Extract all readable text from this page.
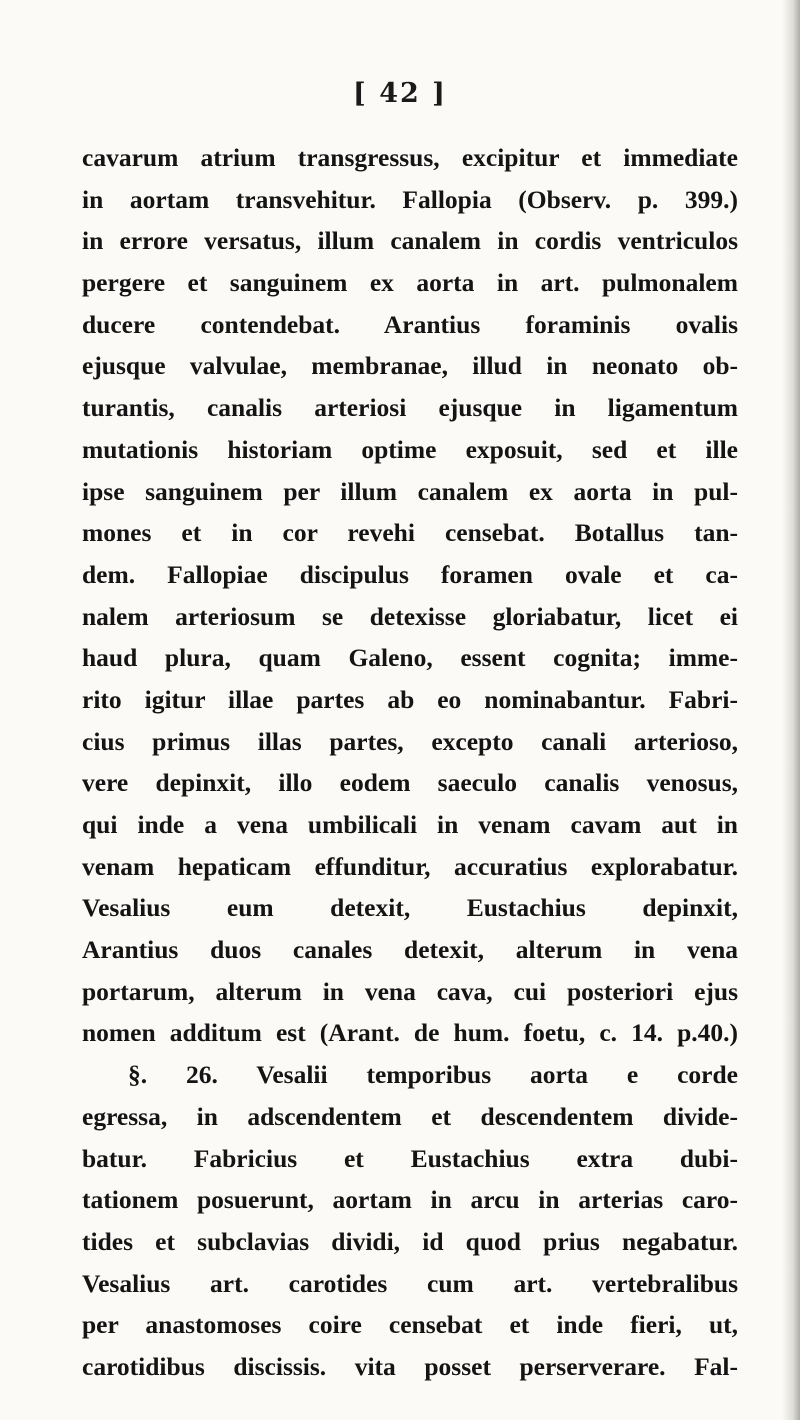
[ 42 ]
cavarum atrium transgressus, excipitur et immediate
in aortam transvehitur. Fallopia (Observ. p. 399.)
in errore versatus, illum canalem in cordis ventriculos
pergere et sanguinem ex aorta in art. pulmonalem
ducere contendebat. Arantius foraminis ovalis
ejusque valvulae, membranae, illud in neonato ob-
turantis, canalis arteriosi ejusque in ligamentum
mutationis historiam optime exposuit, sed et ille
ipse sanguinem per illum canalem ex aorta in pul-
mones et in cor revehi censebat. Botallus tan-
dem. Fallopiae discipulus foramen ovale et ca-
nalem arteriosum se detexisse gloriabatur, licet ei
haud plura, quam Galeno, essent cognita; imme-
rito igitur illae partes ab eo nominabantur. Fabri-
cius primus illas partes, excepto canali arterioso,
vere depinxit, illo eodem saeculo canalis venosus,
qui inde a vena umbilicali in venam cavam aut in
venam hepaticam effunditur, accuratius explorabatur.
Vesalius eum detexit, Eustachius depinxit,
Arantius duos canales detexit, alterum in vena
portarum, alterum in vena cava, cui posteriori ejus
nomen additum est (Arant. de hum. foetu, c. 14. p.40.)
§. 26. Vesalii temporibus aorta e corde
egressa, in adscendentem et descendentem divide-
batur. Fabricius et Eustachius extra dubi-
tationem posuerunt, aortam in arcu in arterias caro-
tides et subclavias dividi, id quod prius negabatur.
Vesalius art. carotides cum art. vertebralibus
per anastomoses coire censebat et inde fieri, ut,
carotidibus discissis. vita posset perserverare. Fal-
